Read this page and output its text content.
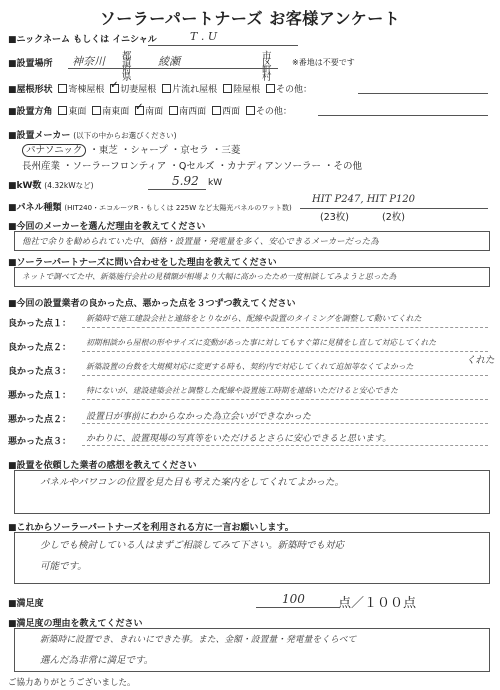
ソーラーパートナーズ お客様アンケート
■ニックネーム もしくは イニシャル	T . U
■設置場所 神奈川 都道府県
綾瀬	市区町村
※番地は不要です
■屋根形状 寄棟屋根 ✓ 切妻屋根 片流れ屋根 陸屋根 その他：
■設置方角 東面 南東面 ✓ 南面 南西面 西面 その他：
■設置メーカー (以下の中からお選びください)
パナソニック ・東芝 ・シャープ ・京セラ ・三菱
長州産業 ・ソーラーフロンティア ・Qセルズ ・カナディアンソーラー ・その他
■kW数 (4.32kWなど)	5.92 kW
■パネル種類 (HIT240・エコルーツR・もしくは 225W など太陽光パネルのワット数)
HIT P247, HIT P120
(23枚)	(2枚)
■今回のメーカーを選んだ理由を教えてください
他社で余りを勧められていた中、価格・設置量・発電量を多く、安心できるメーカーだった為
■ソーラーパートナーズに問い合わせをした理由を教えてください
ネットで調べてた中、新築施行会社の見積額が相場より大幅に高かったため一度相談してみようと思った為
■今回の設置業者の良かった点、悪かった点を３つずつ教えてください
良かった点１：
新築時で施工建設会社と連絡をとりながら、配線や設置のタイミングを調整して動いてくれた
良かった点２：
初期相談から屋根の形やサイズに変動があった事に対してもすぐ第に見積をし直して対応してくれた
良かった点３：
新築設置の台数を大規模対応に変更する時も、契約内で対応してくれて追加等なくてよかった
くれた
悪かった点１：
特にないが、建設建築会社と調整した配線や設置施工時期を連絡いただけると安心できた
悪かった点２： 設置日が事前にわからなかった為立会いができなかった
悪かった点３： かわりに、設置現場の写真等をいただけるとさらに安心できると思います。
■設置を依頼した業者の感想を教えてください
パネルやパワコンの位置を見た目も考えた案内をしてくれてよかった。
■これからソーラーパートナーズを利用される方に一言お願いします。
少しでも検討している人はまずご相談してみて下さい。新築時でも対応
可能です。
■満足度	100	点／１００点
■満足度の理由を教えてください
新築時に設置でき、きれいにできた事。また、金額・設置量・発電量をくらべて
選んだ為非常に満足です。
ご協力ありがとうございました。
